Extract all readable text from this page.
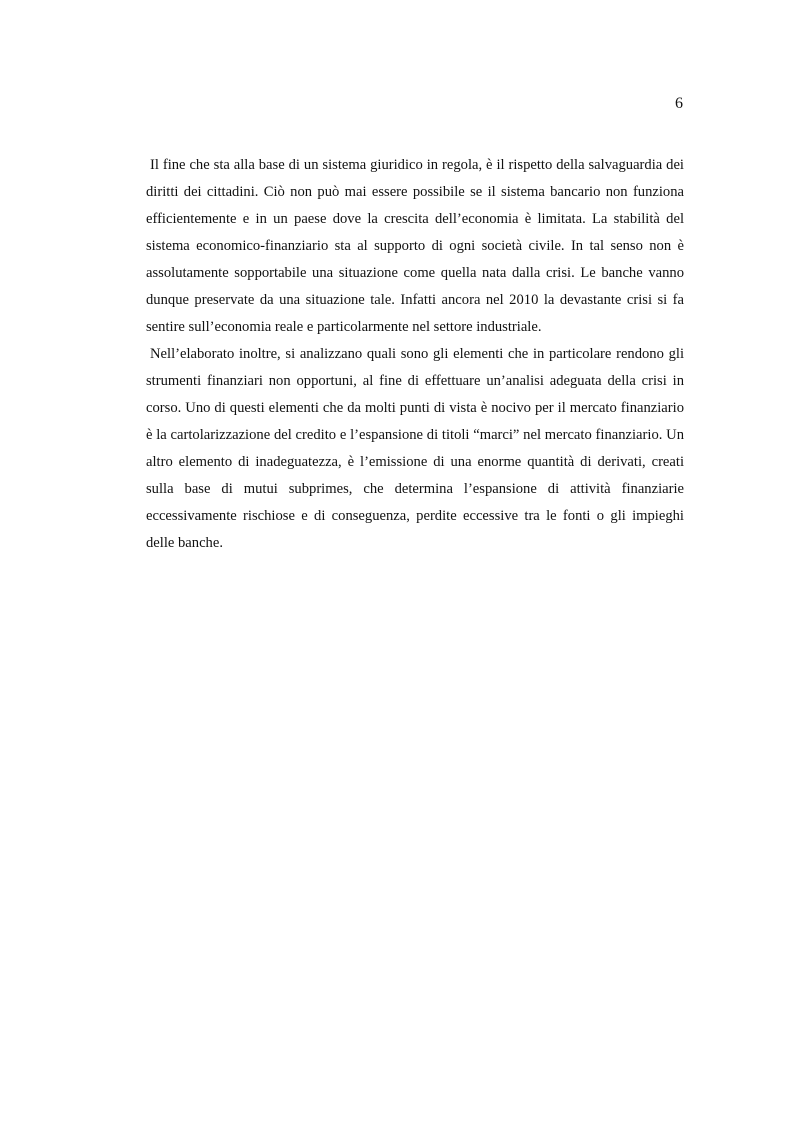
6

Il fine che sta alla base di un sistema giuridico in regola, è il rispetto della salvaguardia dei diritti dei cittadini. Ciò non può mai essere possibile se il sistema bancario non funziona efficientemente e in un paese dove la crescita dell’economia è limitata. La stabilità del sistema economico-finanziario sta al supporto di ogni società civile. In tal senso non è assolutamente sopportabile una situazione come quella nata dalla crisi. Le banche vanno dunque preservate da una situazione tale. Infatti ancora nel 2010 la devastante crisi si fa sentire sull’economia reale e particolarmente nel settore industriale.

Nell’elaborato inoltre, si analizzano quali sono gli elementi che in particolare rendono gli strumenti finanziari non opportuni, al fine di effettuare un’analisi adeguata della crisi in corso. Uno di questi elementi che da molti punti di vista è nocivo per il mercato finanziario è la cartolarizzazione del credito e l’espansione di titoli “marci” nel mercato finanziario. Un altro elemento di inadeguatezza, è l’emissione di una enorme quantità di derivati, creati sulla base di mutui subprimes, che determina l’espansione di attività finanziarie eccessivamente rischiose e di conseguenza, perdite eccessive tra le fonti o gli impieghi delle banche.
